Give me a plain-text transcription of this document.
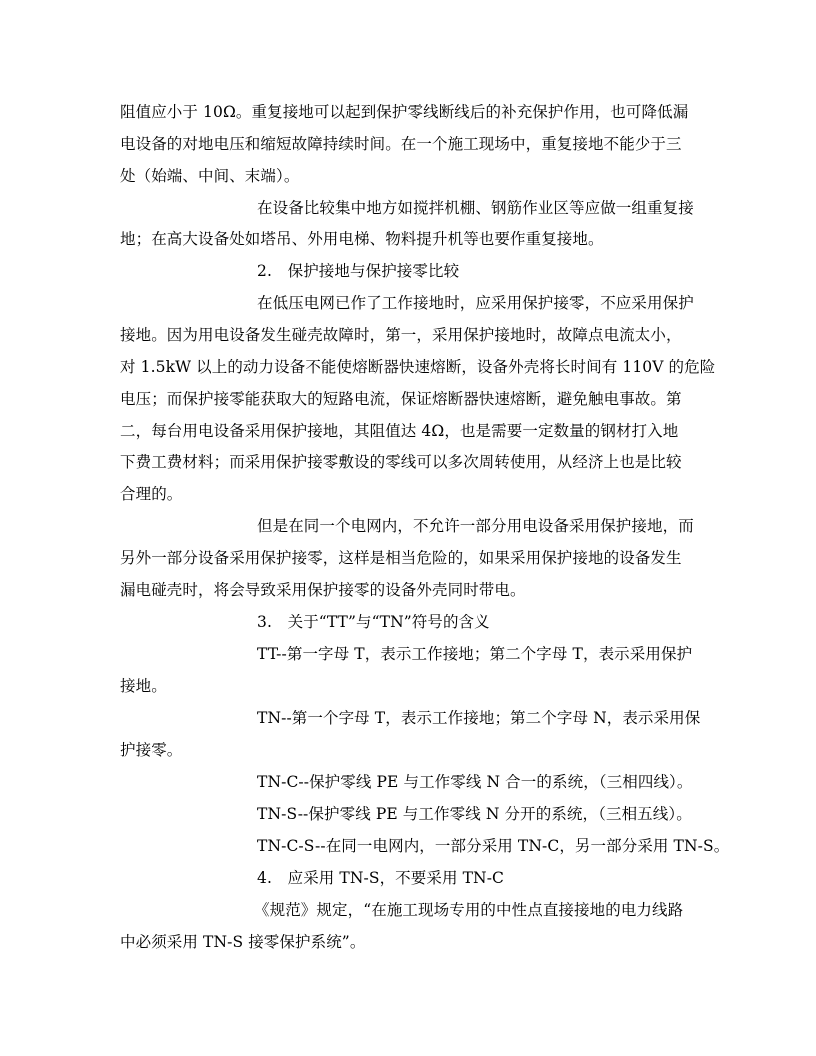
阻值应小于 10Ω。重复接地可以起到保护零线断线后的补充保护作用，也可降低漏
电设备的对地电压和缩短故障持续时间。在一个施工现场中，重复接地不能少于三
处（始端、中间、末端）。
在设备比较集中地方如搅拌机棚、钢筋作业区等应做一组重复接
地；在高大设备处如塔吊、外用电梯、物料提升机等也要作重复接地。
2.　保护接地与保护接零比较
在低压电网已作了工作接地时，应采用保护接零，不应采用保护
接地。因为用电设备发生碰壳故障时，第一，采用保护接地时，故障点电流太小，
对 1.5kW 以上的动力设备不能使熔断器快速熔断，设备外壳将长时间有 110V 的危险
电压；而保护接零能获取大的短路电流，保证熔断器快速熔断，避免触电事故。第
二，每台用电设备采用保护接地，其阻值达 4Ω，也是需要一定数量的钢材打入地
下费工费材料；而采用保护接零敷设的零线可以多次周转使用，从经济上也是比较
合理的。
但是在同一个电网内，不允许一部分用电设备采用保护接地，而
另外一部分设备采用保护接零，这样是相当危险的，如果采用保护接地的设备发生
漏电碰壳时，将会导致采用保护接零的设备外壳同时带电。
3.　关于“TT”与“TN”符号的含义
TT--第一字母 T，表示工作接地；第二个字母 T，表示采用保护
接地。
TN--第一个字母 T，表示工作接地；第二个字母 N，表示采用保
护接零。
TN-C--保护零线 PE 与工作零线 N 合一的系统，（三相四线）。
TN-S--保护零线 PE 与工作零线 N 分开的系统，（三相五线）。
TN-C-S--在同一电网内，一部分采用 TN-C，另一部分采用 TN-S。
4.　应采用 TN-S，不要采用 TN-C
《规范》规定，“在施工现场专用的中性点直接接地的电力线路
中必须采用 TN-S 接零保护系统”。
